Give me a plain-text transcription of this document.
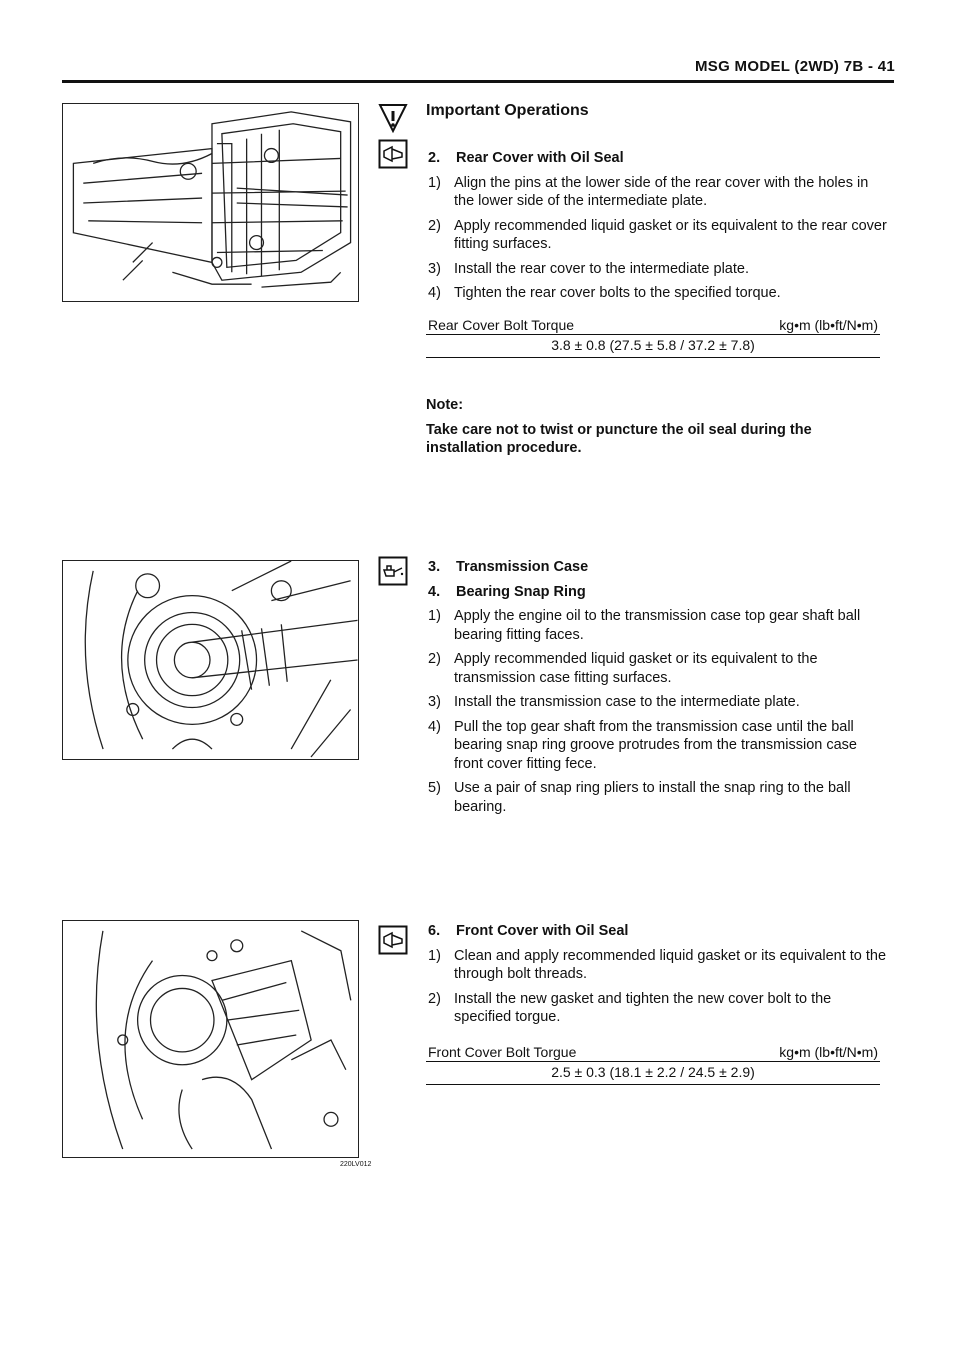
MSG MODEL (2WD) 7B - 41
220LV012
Important Operations
2.	Rear Cover with Oil Seal
1) Align the pins at the lower side of the rear cover with the holes in the lower side of the intermediate plate.
2) Apply recommended liquid gasket or its equivalent to the rear cover fitting surfaces.
3) Install the rear cover to the intermediate plate.
4) Tighten the rear cover bolts to the specified torque.
Rear Cover Bolt Torque	kg•m (lb•ft/N•m)
3.8 ± 0.8 (27.5 ± 5.8 / 37.2 ± 7.8)
Note:
Take care not to twist or puncture the oil seal during the installation procedure.
3.	Transmission Case
4.	Bearing Snap Ring
1) Apply the engine oil to the transmission case top gear shaft ball bearing fitting faces.
2) Apply recommended liquid gasket or its equivalent to the transmission case fitting surfaces.
3) Install the transmission case to the intermediate plate.
4) Pull the top gear shaft from the transmission case until the ball bearing snap ring groove protrudes from the transmission case front cover fitting fece.
5) Use a pair of snap ring pliers to install the snap ring to the ball bearing.
6.	Front Cover with Oil Seal
1) Clean and apply recommended liquid gasket or its equivalent to the through bolt threads.
2) Install the new gasket and tighten the new cover bolt to the specified torgue.
Front Cover Bolt Torgue	kg•m (lb•ft/N•m)
2.5 ± 0.3 (18.1 ± 2.2 / 24.5 ± 2.9)
